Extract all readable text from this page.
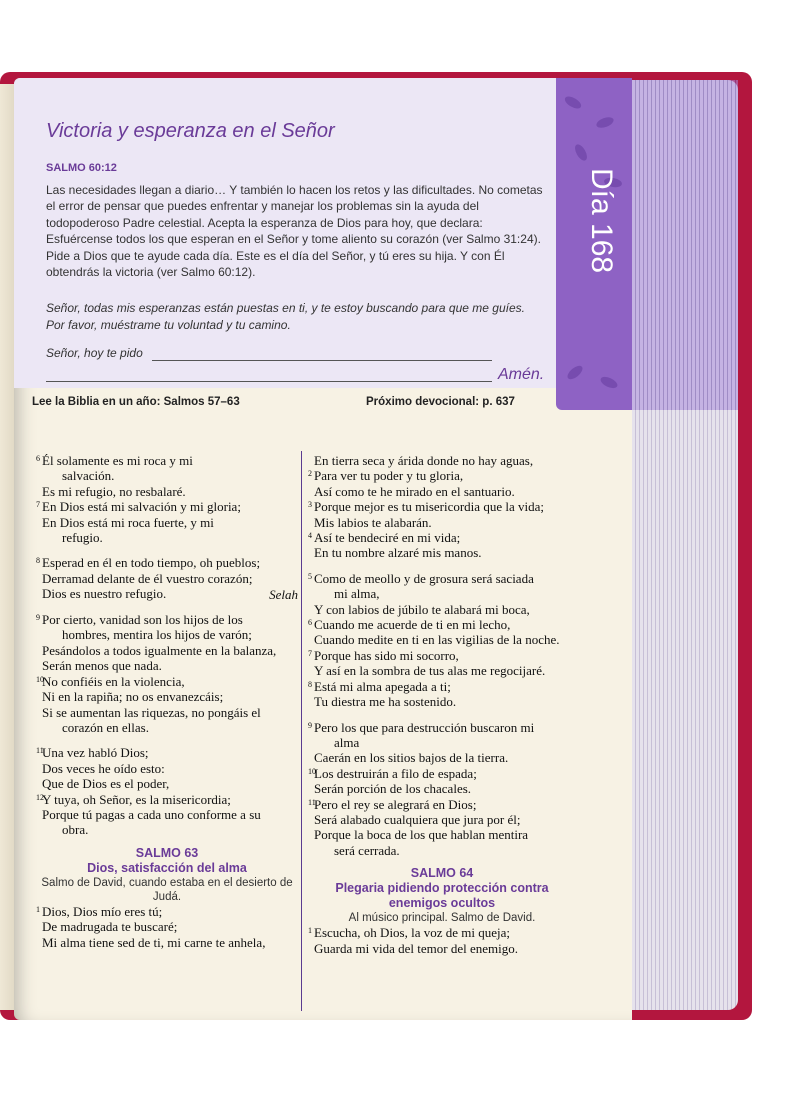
Victoria y esperanza en el Señor
SALMO 60:12
Las necesidades llegan a diario… Y también lo hacen los retos y las dificultades. No cometas el error de pensar que puedes enfrentar y manejar los problemas sin la ayuda del todopoderoso Padre celestial. Acepta la esperanza de Dios para hoy, que declara: Esfuércense todos los que esperan en el Señor y tome aliento su corazón (ver Salmo 31:24). Pide a Dios que te ayude cada día. Este es el día del Señor, y tú eres su hija. Y con Él obtendrás la victoria (ver Salmo 60:12).
Señor, todas mis esperanzas están puestas en ti, y te estoy buscando para que me guíes. Por favor, muéstrame tu voluntad y tu camino.
Señor, hoy te pido
Amén.
Día 168
Lee la Biblia en un año: Salmos 57–63	Próximo devocional: p. 637
6 Él solamente es mi roca y mi
salvación.
Es mi refugio, no resbalaré.
7 En Dios está mi salvación y mi gloria;
En Dios está mi roca fuerte, y mi
refugio.
8 Esperad en él en todo tiempo, oh pueblos;
Derramad delante de él vuestro corazón;
Dios es nuestro refugio.	Selah
9 Por cierto, vanidad son los hijos de los
hombres, mentira los hijos de varón;
Pesándolos a todos igualmente en la balanza,
Serán menos que nada.
10
No confiéis en la violencia,
Ni en la rapiña; no os envanezcáis;
Si se aumentan las riquezas, no pongáis el
corazón en ellas.
11
Una vez habló Dios;
Dos veces he oído esto:
Que de Dios es el poder,
12
Y tuya, oh Señor, es la misericordia;
Porque tú pagas a cada uno conforme a su
obra.
SALMO 63
Dios, satisfacción del alma
Salmo de David, cuando estaba en el desierto de Judá.
1 Dios, Dios mío eres tú;
De madrugada te buscaré;
Mi alma tiene sed de ti, mi carne te anhela,
En tierra seca y árida donde no hay aguas,
2 Para ver tu poder y tu gloria,
Así como te he mirado en el santuario.
3 Porque mejor es tu misericordia que la vida;
Mis labios te alabarán.
4 Así te bendeciré en mi vida;
En tu nombre alzaré mis manos.
5 Como de meollo y de grosura será saciada
mi alma,
Y con labios de júbilo te alabará mi boca,
6 Cuando me acuerde de ti en mi lecho,
Cuando medite en ti en las vigilias de la noche.
7 Porque has sido mi socorro,
Y así en la sombra de tus alas me regocijaré.
8 Está mi alma apegada a ti;
Tu diestra me ha sostenido.
9 Pero los que para destrucción buscaron mi
alma
Caerán en los sitios bajos de la tierra.
10
Los destruirán a filo de espada;
Serán porción de los chacales.
11
Pero el rey se alegrará en Dios;
Será alabado cualquiera que jura por él;
Porque la boca de los que hablan mentira
será cerrada.
SALMO 64
Plegaria pidiendo protección contra enemigos ocultos
Al músico principal. Salmo de David.
1 Escucha, oh Dios, la voz de mi queja;
Guarda mi vida del temor del enemigo.
